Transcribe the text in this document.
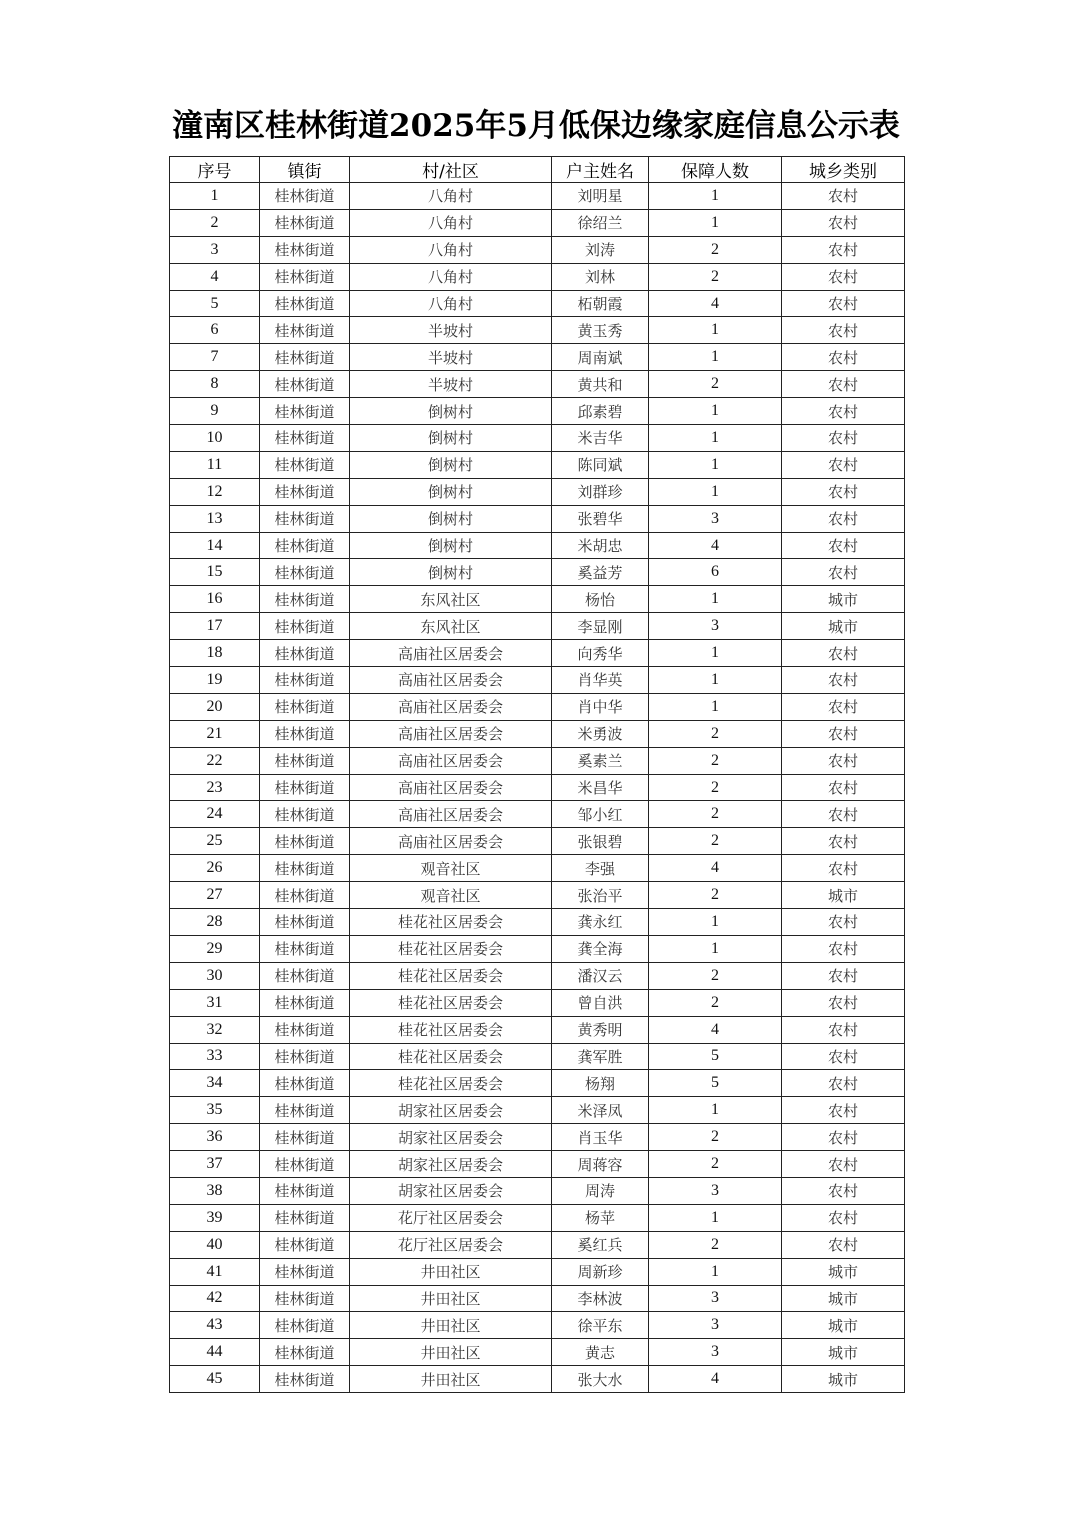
潼南区桂林街道2025年5月低保边缘家庭信息公示表
序号	镇街	村/社区	户主姓名	保障人数	城乡类别
1	桂林街道	八角村	刘明星	1	农村
2	桂林街道	八角村	徐绍兰	1	农村
3	桂林街道	八角村	刘涛	2	农村
4	桂林街道	八角村	刘林	2	农村
5	桂林街道	八角村	柘朝霞	4	农村
6	桂林街道	半坡村	黄玉秀	1	农村
7	桂林街道	半坡村	周南斌	1	农村
8	桂林街道	半坡村	黄共和	2	农村
9	桂林街道	倒树村	邱素碧	1	农村
10	桂林街道	倒树村	米吉华	1	农村
11	桂林街道	倒树村	陈同斌	1	农村
12	桂林街道	倒树村	刘群珍	1	农村
13	桂林街道	倒树村	张碧华	3	农村
14	桂林街道	倒树村	米胡忠	4	农村
15	桂林街道	倒树村	奚益芳	6	农村
16	桂林街道	东风社区	杨怡	1	城市
17	桂林街道	东风社区	李显刚	3	城市
18	桂林街道	高庙社区居委会	向秀华	1	农村
19	桂林街道	高庙社区居委会	肖华英	1	农村
20	桂林街道	高庙社区居委会	肖中华	1	农村
21	桂林街道	高庙社区居委会	米勇波	2	农村
22	桂林街道	高庙社区居委会	奚素兰	2	农村
23	桂林街道	高庙社区居委会	米昌华	2	农村
24	桂林街道	高庙社区居委会	邹小红	2	农村
25	桂林街道	高庙社区居委会	张银碧	2	农村
26	桂林街道	观音社区	李强	4	农村
27	桂林街道	观音社区	张治平	2	城市
28	桂林街道	桂花社区居委会	龚永红	1	农村
29	桂林街道	桂花社区居委会	龚全海	1	农村
30	桂林街道	桂花社区居委会	潘汉云	2	农村
31	桂林街道	桂花社区居委会	曾自洪	2	农村
32	桂林街道	桂花社区居委会	黄秀明	4	农村
33	桂林街道	桂花社区居委会	龚军胜	5	农村
34	桂林街道	桂花社区居委会	杨翔	5	农村
35	桂林街道	胡家社区居委会	米泽凤	1	农村
36	桂林街道	胡家社区居委会	肖玉华	2	农村
37	桂林街道	胡家社区居委会	周蒋容	2	农村
38	桂林街道	胡家社区居委会	周涛	3	农村
39	桂林街道	花厅社区居委会	杨苹	1	农村
40	桂林街道	花厅社区居委会	奚红兵	2	农村
41	桂林街道	井田社区	周新珍	1	城市
42	桂林街道	井田社区	李林波	3	城市
43	桂林街道	井田社区	徐平东	3	城市
44	桂林街道	井田社区	黄志	3	城市
45	桂林街道	井田社区	张大水	4	城市
